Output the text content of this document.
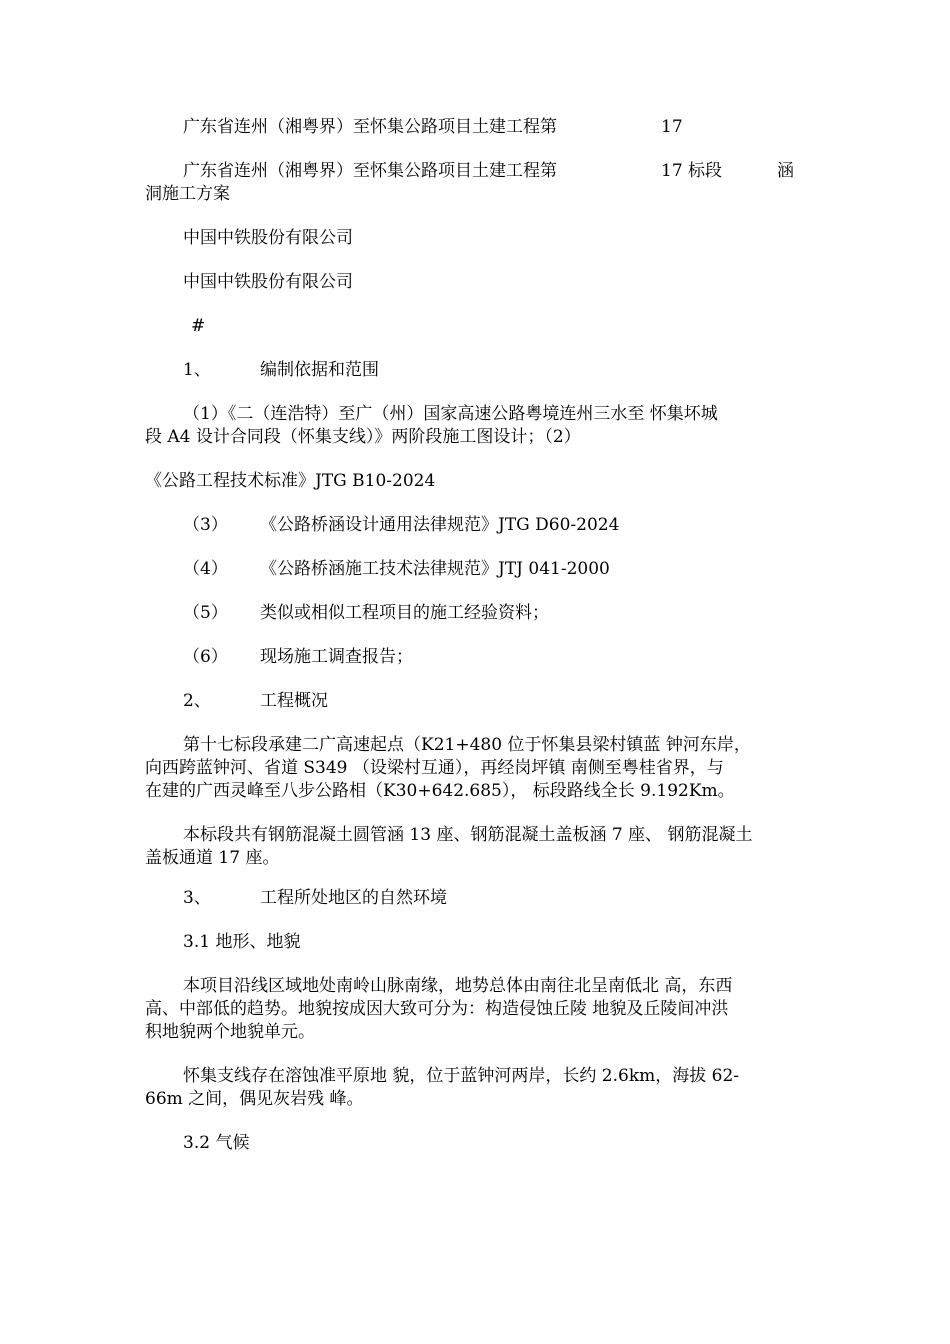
广东省连州（湘粤界）至怀集公路项目土建工程第	17
广东省连州（湘粤界）至怀集公路项目土建工程第	17 标段	涵
洞施工方案
中国中铁股份有限公司
中国中铁股份有限公司
#
1、	编制依据和范围
（1）《二（连浩特）至广（州）国家高速公路粤境连州三水至 怀集坏城
段 A4 设计合同段（怀集支线）》两阶段施工图设计；（2）
《公路工程技术标准》JTG B10-2024
（3） 《公路桥涵设计通用法律规范》JTG D60-2024
（4） 《公路桥涵施工技术法律规范》JTJ 041-2000
（5） 类似或相似工程项目的施工经验资料；
（6） 现场施工调查报告；
2、	工程概况
第十七标段承建二广高速起点（K21+480 位于怀集县梁村镇蓝 钟河东岸，
向西跨蓝钟河、省道 S349 （设梁村互通），再经岗坪镇 南侧至粤桂省界，与
在建的广西灵峰至八步公路相（K30+642.685）， 标段路线全长 9.192Km。
本标段共有钢筋混凝土圆管涵 13 座、钢筋混凝土盖板涵 7 座、 钢筋混凝土
盖板通道 17 座。
3、	工程所处地区的自然环境
3.1 地形、地貌
本项目沿线区域地处南岭山脉南缘，地势总体由南往北呈南低北 高，东西
高、中部低的趋势。地貌按成因大致可分为：构造侵蚀丘陵 地貌及丘陵间冲洪
积地貌两个地貌单元。
怀集支线存在溶蚀准平原地 貌，位于蓝钟河两岸，长约 2.6km，海拔 62-
66m 之间，偶见灰岩残 峰。
3.2 气候
